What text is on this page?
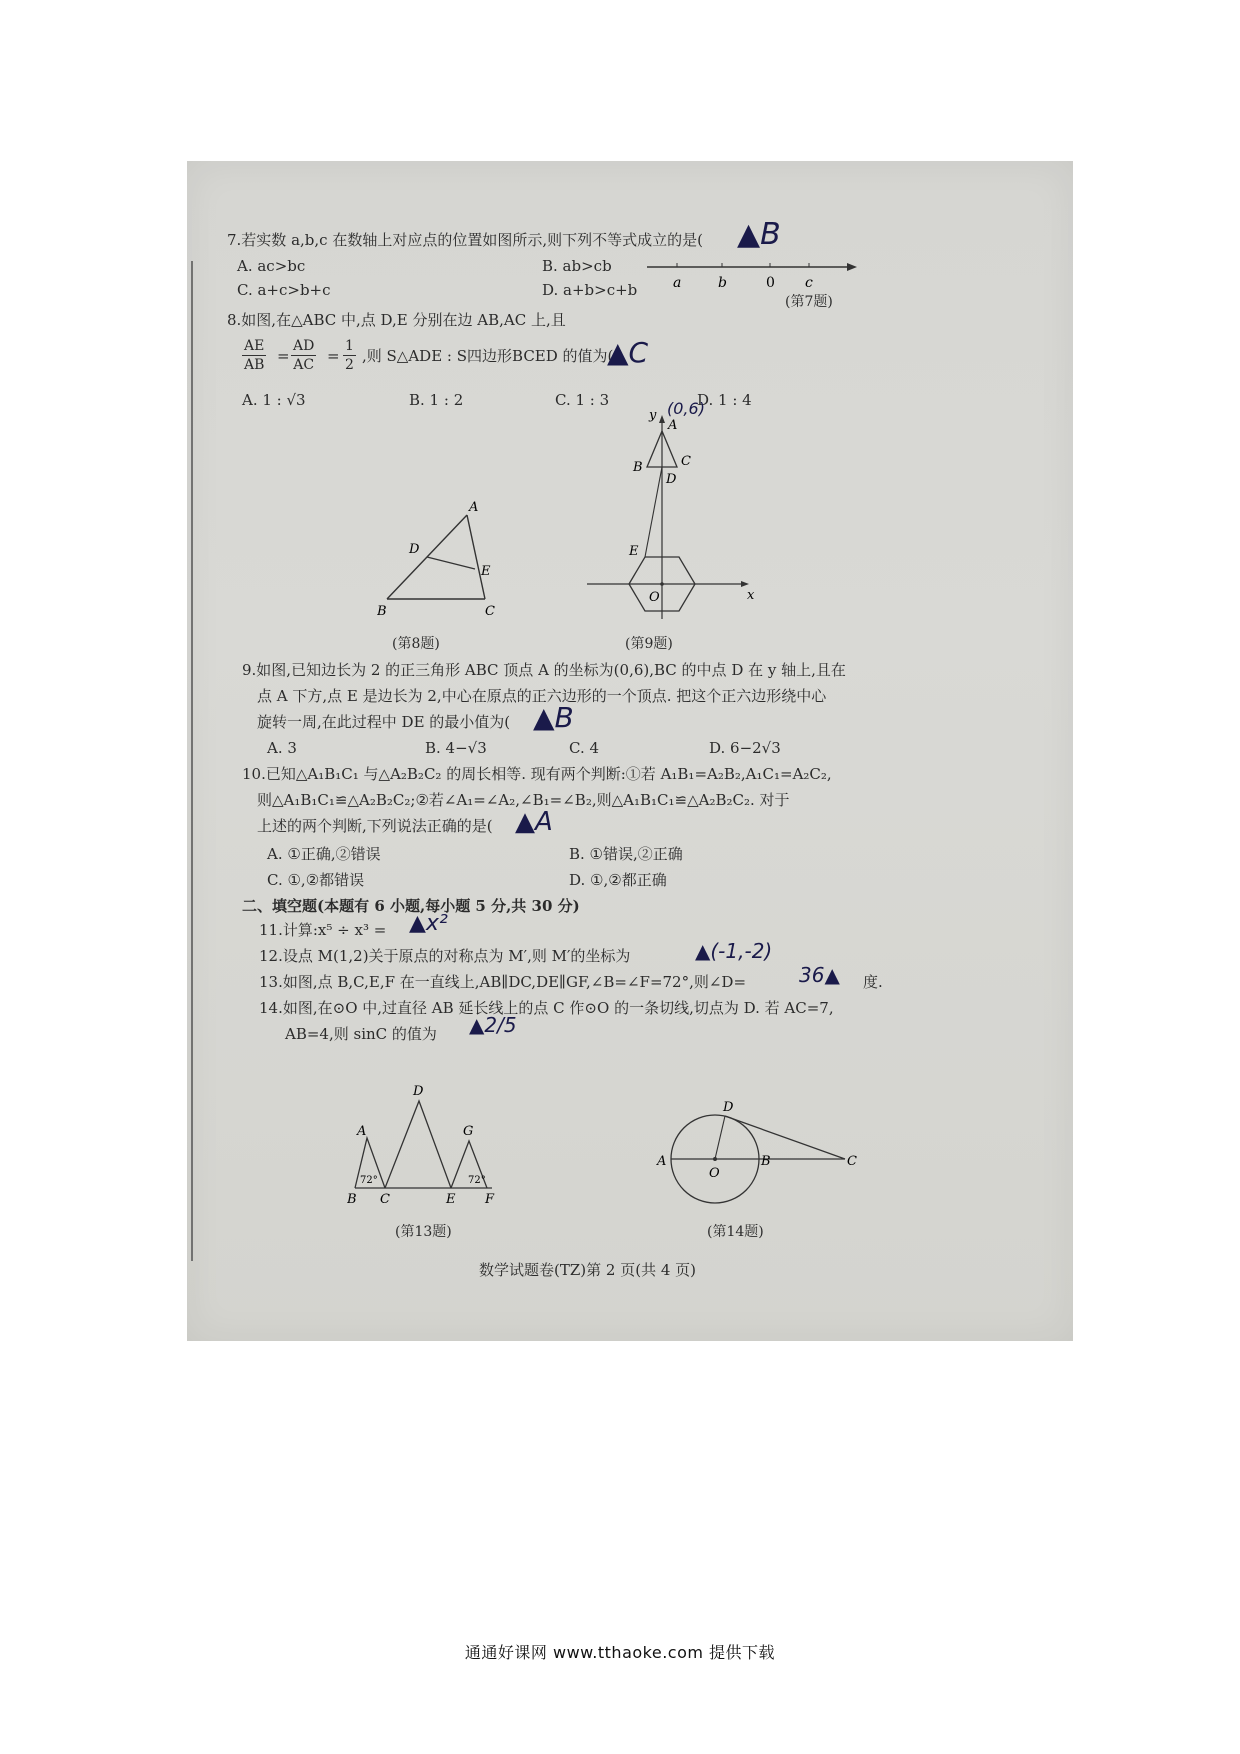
7.若实数 a,b,c 在数轴上对应点的位置如图所示,则下列不等式成立的是( ▲B
A. ac>bc	B. ab>cb
C. a+c>b+c	D. a+b>c+b	a	b	0 c
(第7题)
8.如图,在△ABC 中,点 D,E 分别在边 AB,AC 上,且
$\frac{AE}{AB} = \frac{AD}{AC} = \frac{1}{2}$ ,则 S△ADE : S四边形BCED 的值为(
▲C
A. 1 : √3	B. 1 : 2	C. 1 : 3	D. 1 : 4
A
D
E
B	C
(第8题)
y
A
B	C
D
E
O	x
(0,6)
(第9题)
9.如图,已知边长为 2 的正三角形 ABC 顶点 A 的坐标为(0,6),BC 的中点 D 在 y 轴上,且在
点 A 下方,点 E 是边长为 2,中心在原点的正六边形的一个顶点. 把这个正六边形绕中心
旋转一周,在此过程中 DE 的最小值为( ▲B
A. 3	B. 4−√3	C. 4	D. 6−2√3
10.已知△A₁B₁C₁ 与△A₂B₂C₂ 的周长相等. 现有两个判断:①若 A₁B₁=A₂B₂,A₁C₁=A₂C₂,
则△A₁B₁C₁≌△A₂B₂C₂;②若∠A₁=∠A₂,∠B₁=∠B₂,则△A₁B₁C₁≌△A₂B₂C₂. 对于
上述的两个判断,下列说法正确的是( ▲A
A. ①正确,②错误	B. ①错误,②正确
C. ①,②都错误	D. ①,②都正确
二、填空题(本题有 6 小题,每小题 5 分,共 30 分)
11.计算:x⁵ ÷ x³ = ▲x²
12.设点 M(1,2)关于原点的对称点为 M′,则 M′的坐标为	▲(-1,-2)
13.如图,点 B,C,E,F 在一直线上,AB∥DC,DE∥GF,∠B=∠F=72°,则∠D=	36▲ 度.
14.如图,在⊙O 中,过直径 AB 延长线上的点 C 作⊙O 的一条切线,切点为 D. 若 AC=7,
AB=4,则 sinC 的值为 ▲2/5
A
D
G
B C	E F
72°	72°
(第13题)
D
A
O
B	C
(第14题)
数学试题卷(TZ)第 2 页(共 4 页)
通通好课网 www.tthaoke.com 提供下载
